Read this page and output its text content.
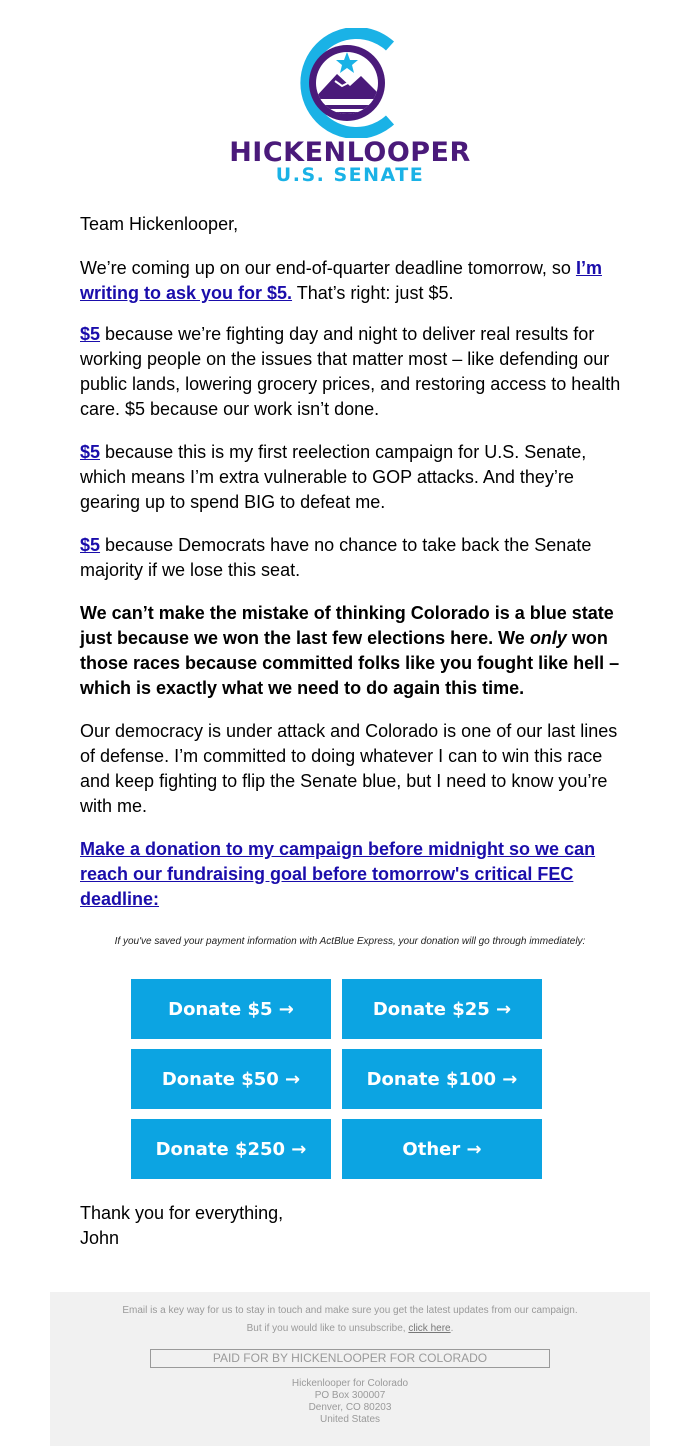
HICKENLOOPER
U.S. SENATE

Team Hickenlooper,

We’re coming up on our end-of-quarter deadline tomorrow, so I’m writing to ask you for $5. That’s right: just $5.

$5 because we’re fighting day and night to deliver real results for working people on the issues that matter most – like defending our public lands, lowering grocery prices, and restoring access to health care. $5 because our work isn’t done.

$5 because this is my first reelection campaign for U.S. Senate, which means I’m extra vulnerable to GOP attacks. And they’re gearing up to spend BIG to defeat me.

$5 because Democrats have no chance to take back the Senate majority if we lose this seat.

We can’t make the mistake of thinking Colorado is a blue state just because we won the last few elections here. We only won those races because committed folks like you fought like hell – which is exactly what we need to do again this time.

Our democracy is under attack and Colorado is one of our last lines of defense. I’m committed to doing whatever I can to win this race and keep fighting to flip the Senate blue, but I need to know you’re with me.

Make a donation to my campaign before midnight so we can reach our fundraising goal before tomorrow's critical FEC deadline:

If you've saved your payment information with ActBlue Express, your donation will go through immediately:
Donate $5 →	Donate $25 →
Donate $50 →	Donate $100 →
Donate $250 →	Other →
Thank you for everything,
John
Email is a key way for us to stay in touch and make sure you get the latest updates from our campaign.
But if you would like to unsubscribe, click here.
PAID FOR BY HICKENLOOPER FOR COLORADO
Hickenlooper for Colorado
PO Box 300007
Denver, CO 80203
United States
